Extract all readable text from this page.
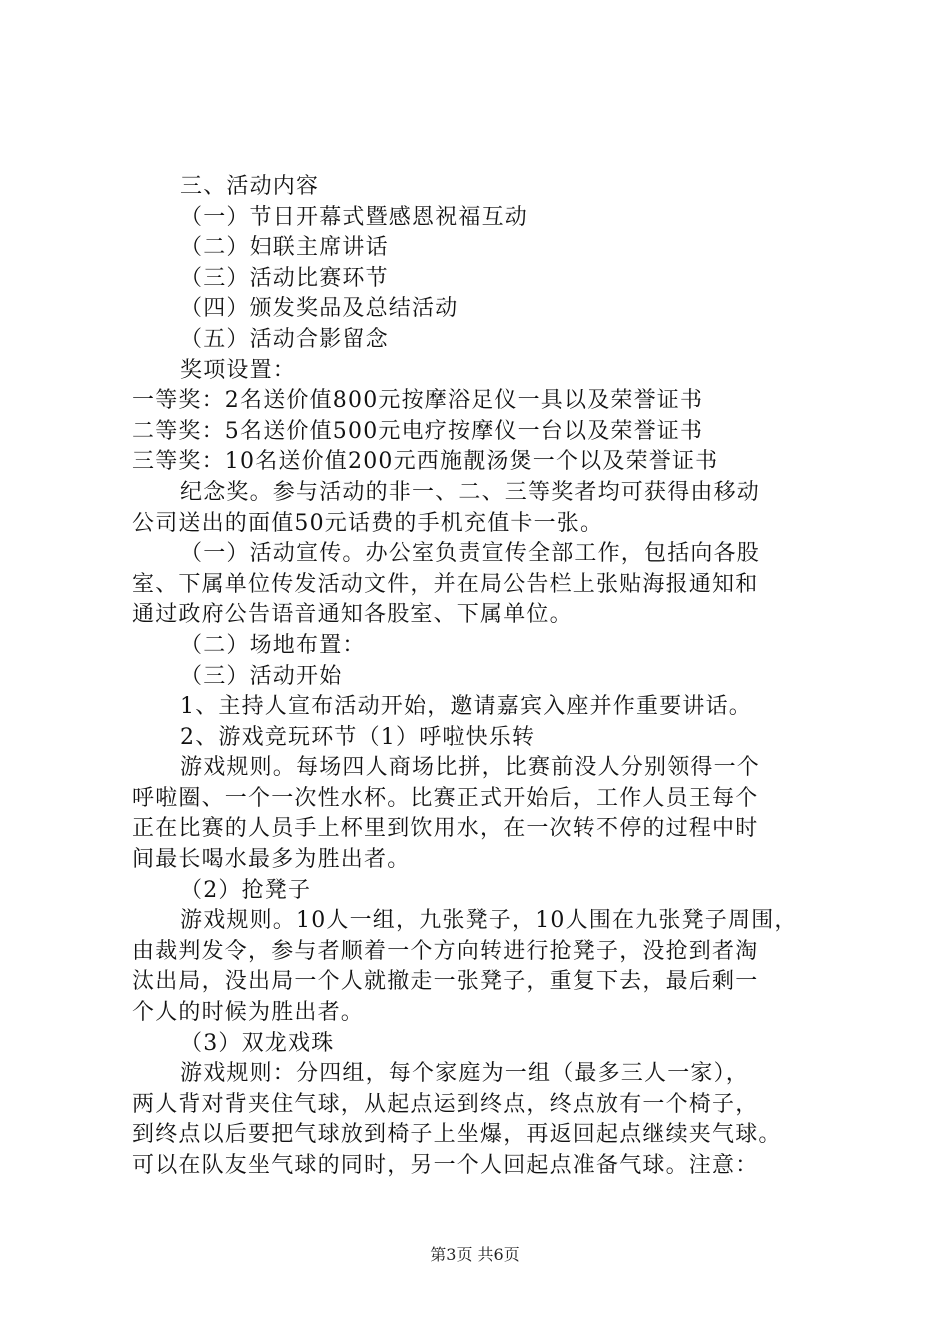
三、活动内容
（一）节日开幕式暨感恩祝福互动
（二）妇联主席讲话
（三）活动比赛环节
（四）颁发奖品及总结活动
（五）活动合影留念
奖项设置：
一等奖：2名送价值800元按摩浴足仪一具以及荣誉证书
二等奖：5名送价值500元电疗按摩仪一台以及荣誉证书
三等奖：10名送价值200元西施靓汤煲一个以及荣誉证书
纪念奖。参与活动的非一、二、三等奖者均可获得由移动
公司送出的面值50元话费的手机充值卡一张。
（一）活动宣传。办公室负责宣传全部工作，包括向各股
室、下属单位传发活动文件，并在局公告栏上张贴海报通知和
通过政府公告语音通知各股室、下属单位。
（二）场地布置：
（三）活动开始
1、主持人宣布活动开始，邀请嘉宾入座并作重要讲话。
2、游戏竞玩环节（1）呼啦快乐转
游戏规则。每场四人商场比拼，比赛前没人分别领得一个
呼啦圈、一个一次性水杯。比赛正式开始后，工作人员王每个
正在比赛的人员手上杯里到饮用水，在一次转不停的过程中时
间最长喝水最多为胜出者。
（2）抢凳子
游戏规则。10人一组，九张凳子，10人围在九张凳子周围，
由裁判发令，参与者顺着一个方向转进行抢凳子，没抢到者淘
汰出局，没出局一个人就撤走一张凳子，重复下去，最后剩一
个人的时候为胜出者。
（3）双龙戏珠
游戏规则：分四组，每个家庭为一组（最多三人一家），
两人背对背夹住气球，从起点运到终点，终点放有一个椅子，
到终点以后要把气球放到椅子上坐爆，再返回起点继续夹气球。
可以在队友坐气球的同时，另一个人回起点准备气球。注意：
第3页 共6页
